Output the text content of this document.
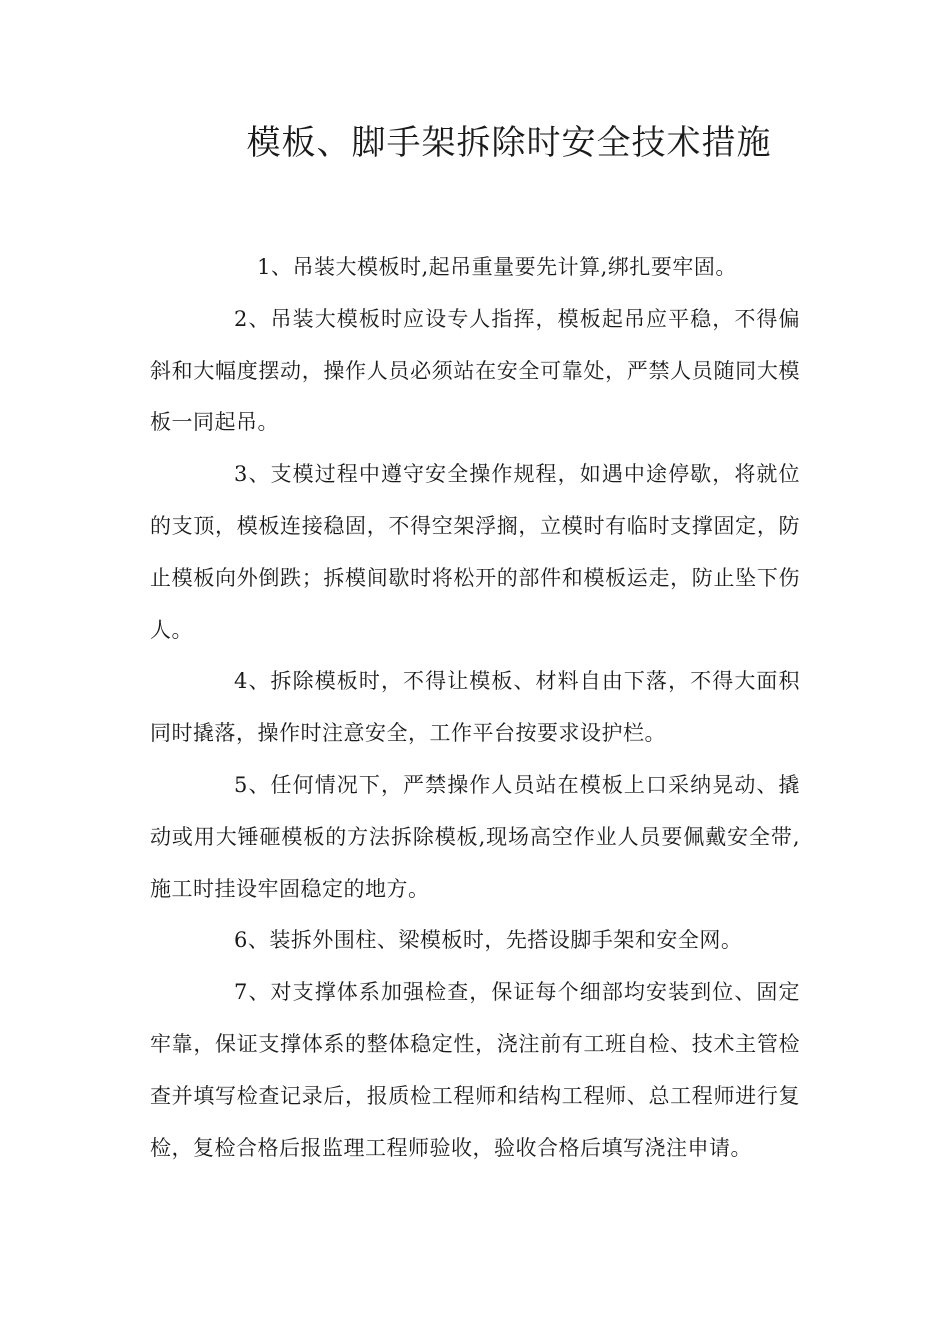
模板、脚手架拆除时安全技术措施

1、吊装大模板时,起吊重量要先计算,绑扎要牢固。

2、吊装大模板时应设专人指挥，模板起吊应平稳，不得偏斜和大幅度摆动，操作人员必须站在安全可靠处，严禁人员随同大模板一同起吊。

3、支模过程中遵守安全操作规程，如遇中途停歇，将就位的支顶，模板连接稳固，不得空架浮搁，立模时有临时支撑固定，防止模板向外倒跌；拆模间歇时将松开的部件和模板运走，防止坠下伤人。

4、拆除模板时，不得让模板、材料自由下落，不得大面积同时撬落，操作时注意安全，工作平台按要求设护栏。

5、任何情况下，严禁操作人员站在模板上口采纳晃动、撬动或用大锤砸模板的方法拆除模板,现场高空作业人员要佩戴安全带,施工时挂设牢固稳定的地方。

6、装拆外围柱、梁模板时，先搭设脚手架和安全网。

7、对支撑体系加强检查，保证每个细部均安装到位、固定牢靠，保证支撑体系的整体稳定性，浇注前有工班自检、技术主管检查并填写检查记录后，报质检工程师和结构工程师、总工程师进行复检，复检合格后报监理工程师验收，验收合格后填写浇注申请。
